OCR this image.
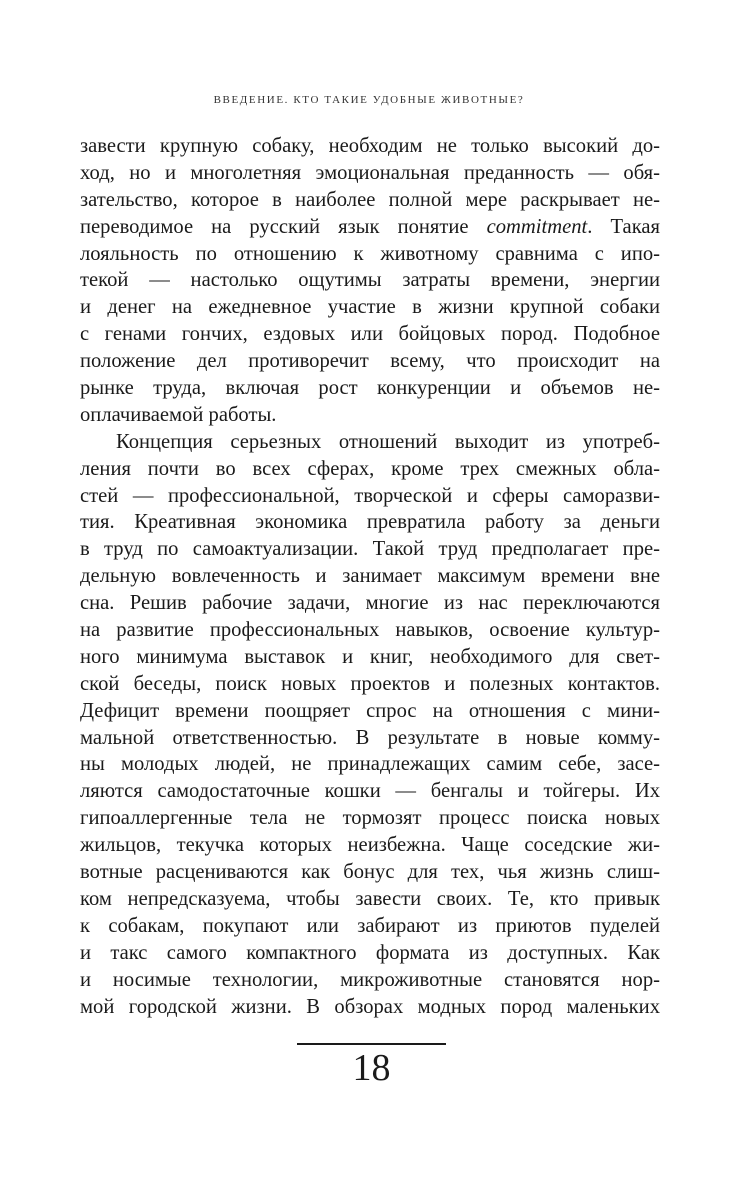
ВВЕДЕНИЕ. КТО ТАКИЕ УДОБНЫЕ ЖИВОТНЫЕ?
завести крупную собаку, необходим не только высокий до-
ход, но и многолетняя эмоциональная преданность — обя-
зательство, которое в наиболее полной мере раскрывает не-
переводимое на русский язык понятие commitment. Такая
лояльность по отношению к животному сравнима с ипо-
текой — настолько ощутимы затраты времени, энергии
и денег на ежедневное участие в жизни крупной собаки
с генами гончих, ездовых или бойцовых пород. Подобное
положение дел противоречит всему, что происходит на
рынке труда, включая рост конкуренции и объемов не-
оплачиваемой работы.
Концепция серьезных отношений выходит из употреб-
ления почти во всех сферах, кроме трех смежных обла-
стей — профессиональной, творческой и сферы саморазви-
тия. Креативная экономика превратила работу за деньги
в труд по самоактуализации. Такой труд предполагает пре-
дельную вовлеченность и занимает максимум времени вне
сна. Решив рабочие задачи, многие из нас переключаются
на развитие профессиональных навыков, освоение культур-
ного минимума выставок и книг, необходимого для свет-
ской беседы, поиск новых проектов и полезных контактов.
Дефицит времени поощряет спрос на отношения с мини-
мальной ответственностью. В результате в новые комму-
ны молодых людей, не принадлежащих самим себе, засе-
ляются самодостаточные кошки — бенгалы и тойгеры. Их
гипоаллергенные тела не тормозят процесс поиска новых
жильцов, текучка которых неизбежна. Чаще соседские жи-
вотные расцениваются как бонус для тех, чья жизнь слиш-
ком непредсказуема, чтобы завести своих. Те, кто привык
к собакам, покупают или забирают из приютов пуделей
и такс самого компактного формата из доступных. Как
и носимые технологии, микроживотные становятся нор-
мой городской жизни. В обзорах модных пород маленьких
18
